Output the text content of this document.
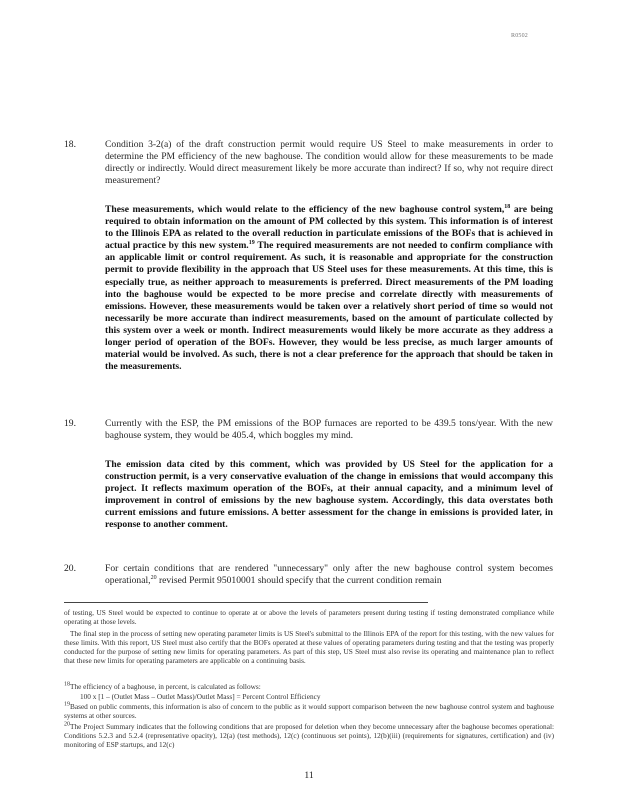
R0502
18.	Condition 3-2(a) of the draft construction permit would require US Steel to make measurements in order to determine the PM efficiency of the new baghouse. The condition would allow for these measurements to be made directly or indirectly. Would direct measurement likely be more accurate than indirect? If so, why not require direct measurement?
These measurements, which would relate to the efficiency of the new baghouse control system,$^{18}$ are being required to obtain information on the amount of PM collected by this system. This information is of interest to the Illinois EPA as related to the overall reduction in particulate emissions of the BOFs that is achieved in actual practice by this new system.$^{19}$ The required measurements are not needed to confirm compliance with an applicable limit or control requirement. As such, it is reasonable and appropriate for the construction permit to provide flexibility in the approach that US Steel uses for these measurements. At this time, this is especially true, as neither approach to measurements is preferred. Direct measurements of the PM loading into the baghouse would be expected to be more precise and correlate directly with measurements of emissions. However, these measurements would be taken over a relatively short period of time so would not necessarily be more accurate than indirect measurements, based on the amount of particulate collected by this system over a week or month. Indirect measurements would likely be more accurate as they address a longer period of operation of the BOFs. However, they would be less precise, as much larger amounts of material would be involved. As such, there is not a clear preference for the approach that should be taken in the measurements.
19.	Currently with the ESP, the PM emissions of the BOP furnaces are reported to be 439.5 tons/year. With the new baghouse system, they would be 405.4, which boggles my mind.
The emission data cited by this comment, which was provided by US Steel for the application for a construction permit, is a very conservative evaluation of the change in emissions that would accompany this project. It reflects maximum operation of the BOFs, at their annual capacity, and a minimum level of improvement in control of emissions by the new baghouse system. Accordingly, this data overstates both current emissions and future emissions. A better assessment for the change in emissions is provided later, in response to another comment.
20.	For certain conditions that are rendered "unnecessary" only after the new baghouse control system becomes operational,$^{20}$ revised Permit 95010001 should specify that the current condition remain
of testing, US Steel would be expected to continue to operate at or above the levels of parameters present during testing if testing demonstrated compliance while operating at those levels.
The final step in the process of setting new operating parameter limits is US Steel's submittal to the Illinois EPA of the report for this testing, with the new values for these limits. With this report, US Steel must also certify that the BOFs operated at these values of operating parameters during testing and that the testing was properly conducted for the purpose of setting new limits for operating parameters. As part of this step, US Steel must also revise its operating and maintenance plan to reflect that these new limits for operating parameters are applicable on a continuing basis.
$^{18}$The efficiency of a baghouse, in percent, is calculated as follows:
100 x [1 – (Outlet Mass – Outlet Mass)/Outlet Mass] = Percent Control Efficiency
$^{19}$Based on public comments, this information is also of concern to the public as it would support comparison between the new baghouse control system and baghouse systems at other sources.
$^{20}$The Project Summary indicates that the following conditions that are proposed for deletion when they become unnecessary after the baghouse becomes operational: Conditions 5.2.3 and 5.2.4 (representative opacity), 12(a) (test methods), 12(c) (continuous set points), 12(b)(iii) (requirements for signatures, certification) and (iv) monitoring of ESP startups, and 12(c)
11
